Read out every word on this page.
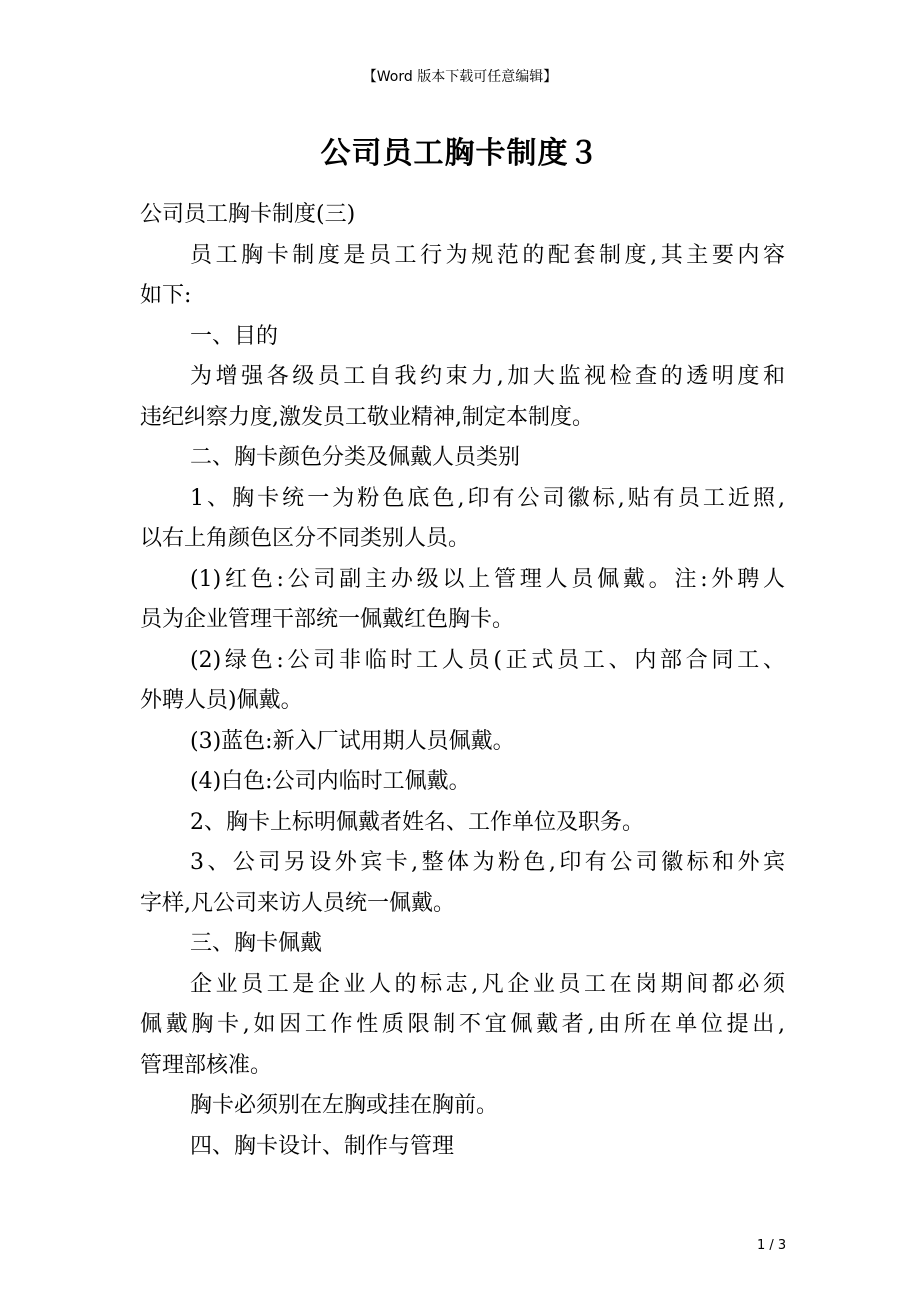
【Word 版本下载可任意编辑】
公司员工胸卡制度３
公司员工胸卡制度(三)
员工胸卡制度是员工行为规范的配套制度,其主要内容
如下:
一、目的
为增强各级员工自我约束力,加大监视检查的透明度和
违纪纠察力度,激发员工敬业精神,制定本制度。
二、胸卡颜色分类及佩戴人员类别
1、胸卡统一为粉色底色,印有公司徽标,贴有员工近照,
以右上角颜色区分不同类别人员。
(1)红色:公司副主办级以上管理人员佩戴。注:外聘人
员为企业管理干部统一佩戴红色胸卡。
(2)绿色:公司非临时工人员(正式员工、内部合同工、
外聘人员)佩戴。
(3)蓝色:新入厂试用期人员佩戴。
(4)白色:公司内临时工佩戴。
2、胸卡上标明佩戴者姓名、工作单位及职务。
3、公司另设外宾卡,整体为粉色,印有公司徽标和外宾
字样,凡公司来访人员统一佩戴。
三、胸卡佩戴
企业员工是企业人的标志,凡企业员工在岗期间都必须
佩戴胸卡,如因工作性质限制不宜佩戴者,由所在单位提出,
管理部核准。
胸卡必须别在左胸或挂在胸前。
四、胸卡设计、制作与管理
1 / 3
